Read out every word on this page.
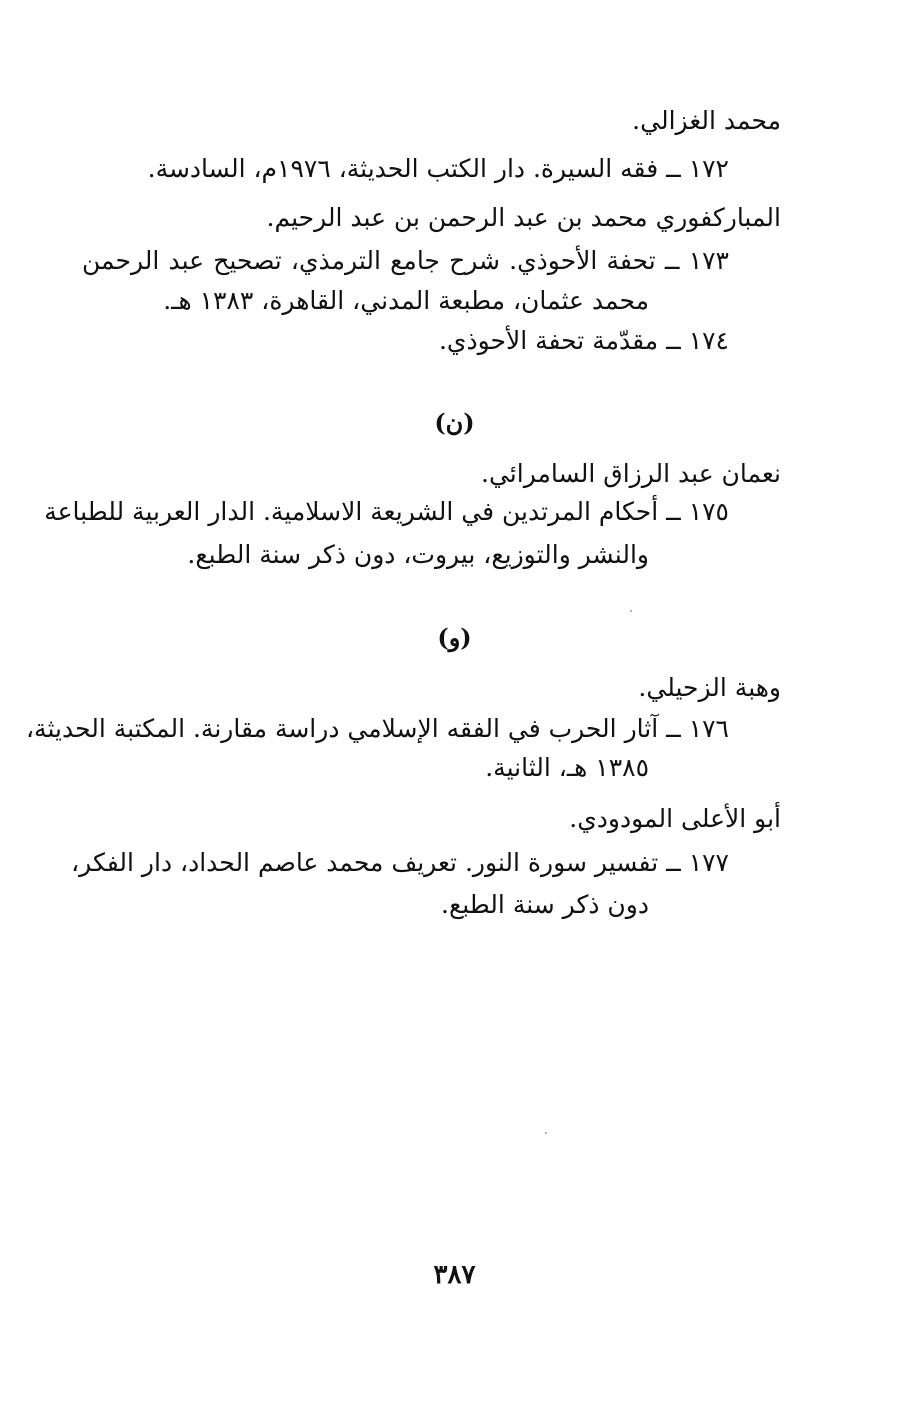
محمد الغزالي.

١٧٢ ــ فقه السيرة. دار الكتب الحديثة، ١٩٧٦م، السادسة.

المباركفوري محمد بن عبد الرحمن بن عبد الرحيم.

١٧٣ ــ تحفة الأحوذي. شرح جامع الترمذي، تصحيح عبد الرحمن

محمد عثمان، مطبعة المدني، القاهرة، ١٣٨٣ هـ.

١٧٤ ــ مقدّمة تحفة الأحوذي.

(ن)

نعمان عبد الرزاق السامرائي.

١٧٥ ــ أحكام المرتدين في الشريعة الاسلامية. الدار العربية للطباعة

والنشر والتوزيع، بيروت، دون ذكر سنة الطبع.

(و)

وهبة الزحيلي.

١٧٦ ــ آثار الحرب في الفقه الإسلامي دراسة مقارنة. المكتبة الحديثة،

١٣٨٥ هـ، الثانية.

أبو الأعلى المودودي.

١٧٧ ــ تفسير سورة النور. تعريف محمد عاصم الحداد، دار الفكر،

دون ذكر سنة الطبع.

٣٨٧
